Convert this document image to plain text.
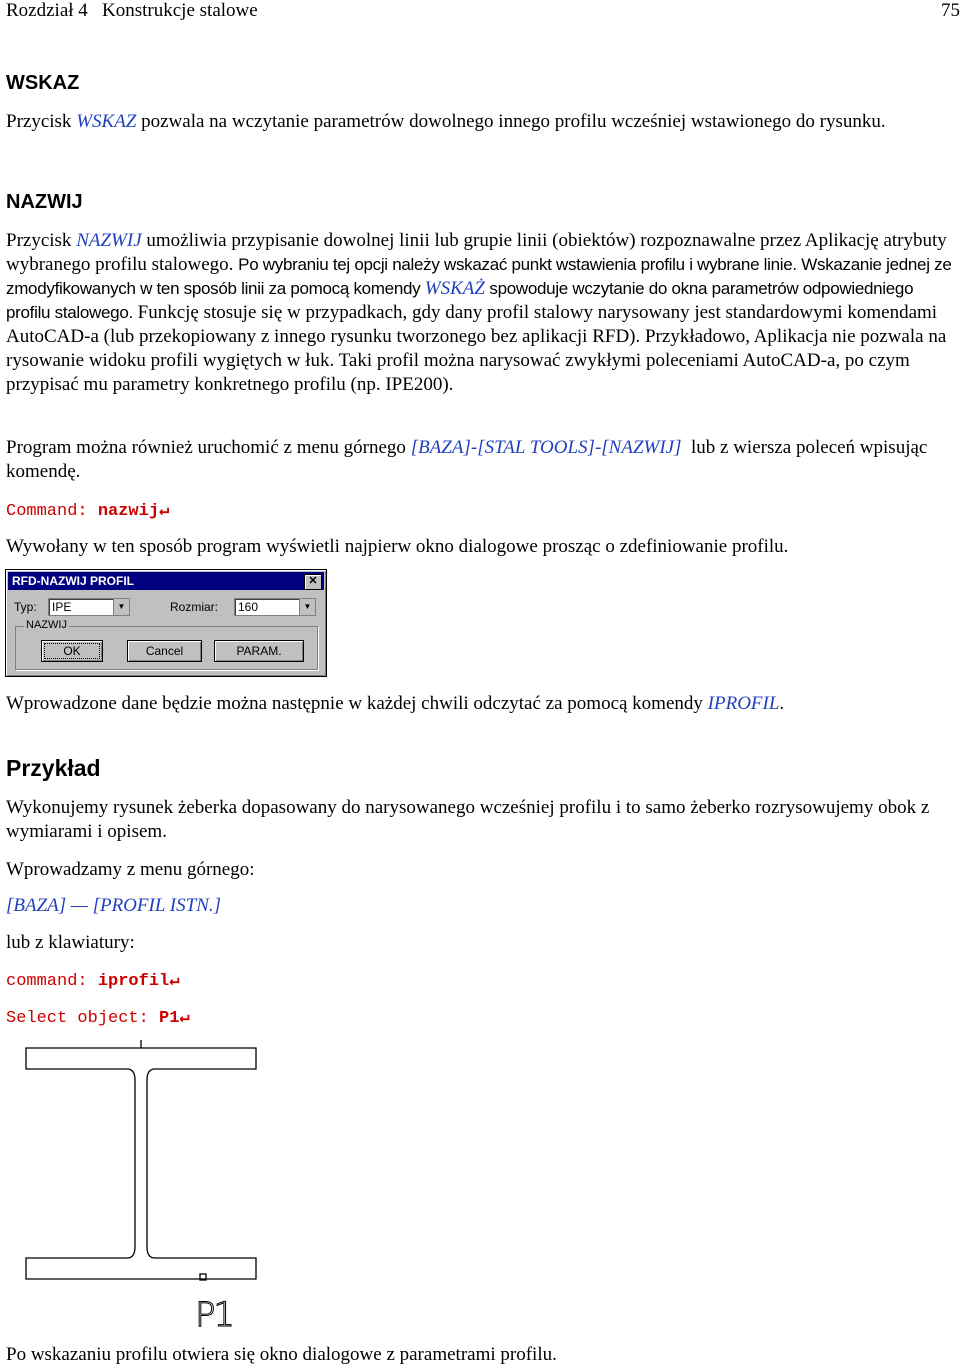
Rozdział 4   Konstrukcje stalowe	75
WSKAZ
Przycisk WSKAZ pozwala na wczytanie parametrów dowolnego innego profilu wcześniej wstawionego do rysunku.
NAZWIJ
Przycisk NAZWIJ umożliwia przypisanie dowolnej linii lub grupie linii (obiektów) rozpoznawalne przez Aplikację atrybuty wybranego profilu stalowego. Po wybraniu tej opcji należy wskazać punkt wstawienia profilu i wybrane linie. Wskazanie jednej ze zmodyfikowanych w ten sposób linii za pomocą komendy WSKAŻ spowoduje wczytanie do okna parametrów odpowiedniego profilu stalowego. Funkcję stosuje się w przypadkach, gdy dany profil stalowy narysowany jest standardowymi komendami AutoCAD-a (lub przekopiowany z innego rysunku tworzonego bez aplikacji RFD). Przykładowo, Aplikacja nie pozwala na rysowanie widoku profili wygiętych w łuk. Taki profil można narysować zwykłymi poleceniami AutoCAD-a, po czym przypisać mu parametry konkretnego profilu (np. IPE200).
Program można również uruchomić z menu górnego [BAZA]-[STAL TOOLS]-[NAZWIJ]  lub z wiersza poleceń wpisując komendę.
Command: nazwij↵
Wywołany w ten sposób program wyświetli najpierw okno dialogowe prosząc o zdefiniowanie profilu.
RFD-NAZWIJ PROFIL	✕
Typ:	IPE	▼	Rozmiar:	160	▼
NAZWIJ
OK	Cancel	PARAM.
Wprowadzone dane będzie można następnie w każdej chwili odczytać za pomocą komendy IPROFIL.
Przykład
Wykonujemy rysunek żeberka dopasowany do narysowanego wcześniej profilu i to samo żeberko rozrysowujemy obok z wymiarami i opisem.
Wprowadzamy z menu górnego:
[BAZA] — [PROFIL ISTN.]
lub z klawiatury:
command: iprofil↵
Select object: P1↵
P1
Po wskazaniu profilu otwiera się okno dialogowe z parametrami profilu.
